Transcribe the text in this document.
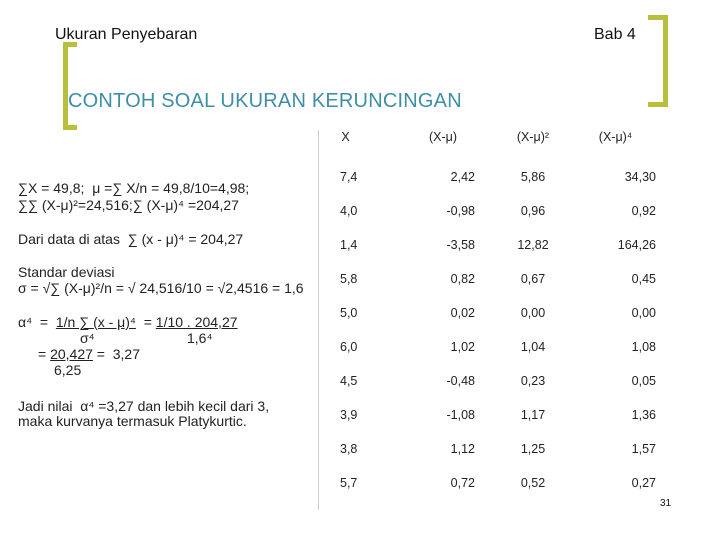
Ukuran Penyebaran	Bab 4
CONTOH SOAL UKURAN KERUNCINGAN
∑X = 49,8;  μ =∑ X/n = 49,8/10=4,98;
∑∑ (X-μ)²=24,516;∑ (X-μ)⁴ =204,27
Dari data di atas  ∑ (x - μ)⁴ = 204,27
Standar deviasi
σ = √∑ (X-μ)²/n = √ 24,516/10 = √2,4516 = 1,6
α⁴  =  1/n ∑ (x - μ)⁴  = 1/10 . 204,27
σ⁴	1,6⁴
= 20,427 =  3,27
6,25
Jadi nilai  α⁴ =3,27 dan lebih kecil dari 3,
maka kurvanya termasuk Platykurtic.
X	(X-μ)	(X-μ)²	(X-μ)⁴
7,4	2,42	5,86	34,30
4,0	-0,98	0,96	0,92
1,4	-3,58	12,82	164,26
5,8	0,82	0,67	0,45
5,0	0,02	0,00	0,00
6,0	1,02	1,04	1,08
4,5	-0,48	0,23	0,05
3,9	-1,08	1,17	1,36
3,8	1,12	1,25	1,57
5,7	0,72	0,52	0,27
31
